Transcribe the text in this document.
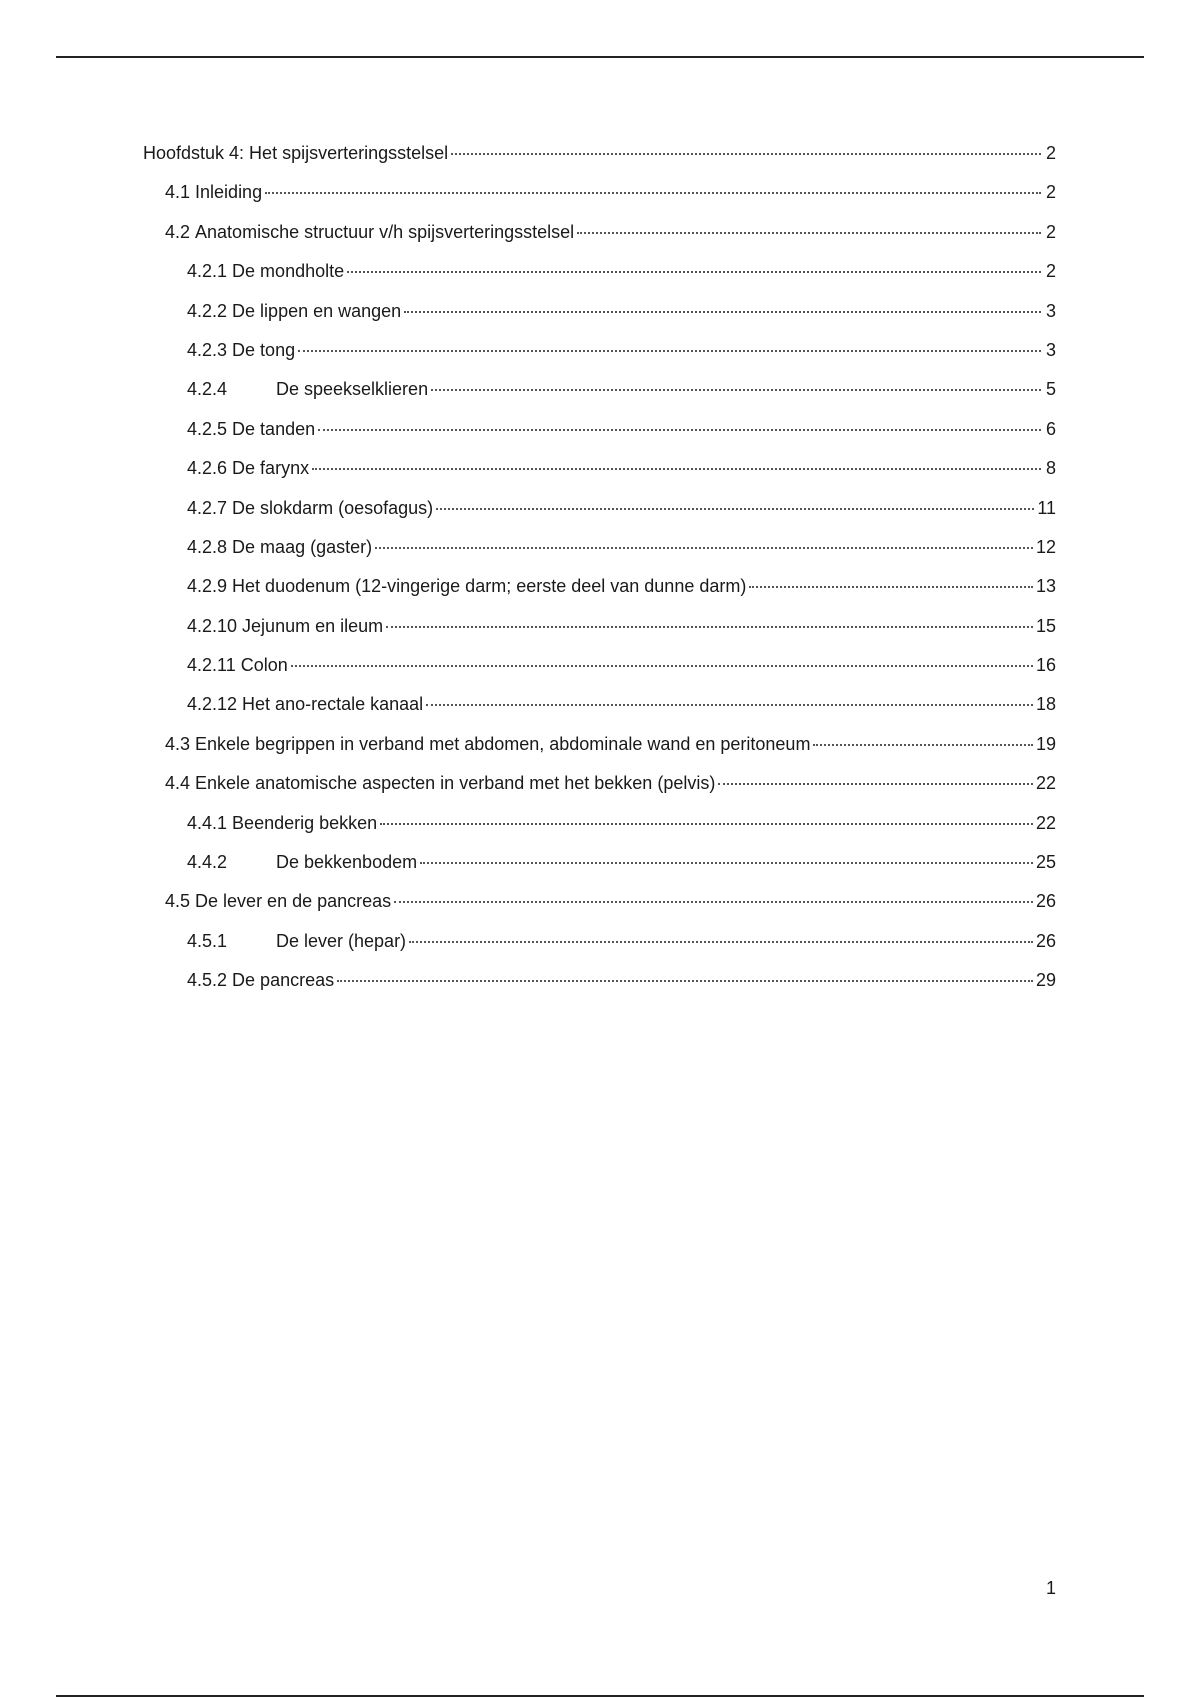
Hoofdstuk 4: Het spijsverteringsstelsel	2
4.1 Inleiding	2
4.2 Anatomische structuur v/h spijsverteringsstelsel	2
4.2.1 De mondholte	2
4.2.2 De lippen en wangen	3
4.2.3 De tong	3
4.2.4	De speekselklieren	5
4.2.5 De tanden	6
4.2.6 De farynx	8
4.2.7 De slokdarm (oesofagus)	11
4.2.8 De maag (gaster)	12
4.2.9 Het duodenum (12-vingerige darm; eerste deel van dunne darm)	13
4.2.10 Jejunum en ileum	15
4.2.11 Colon	16
4.2.12 Het ano-rectale kanaal	18
4.3 Enkele begrippen in verband met abdomen, abdominale wand en peritoneum	19
4.4 Enkele anatomische aspecten in verband met het bekken (pelvis)	22
4.4.1 Beenderig bekken	22
4.4.2	De bekkenbodem	25
4.5 De lever en de pancreas	26
4.5.1	De lever (hepar)	26
4.5.2 De pancreas	29
1
